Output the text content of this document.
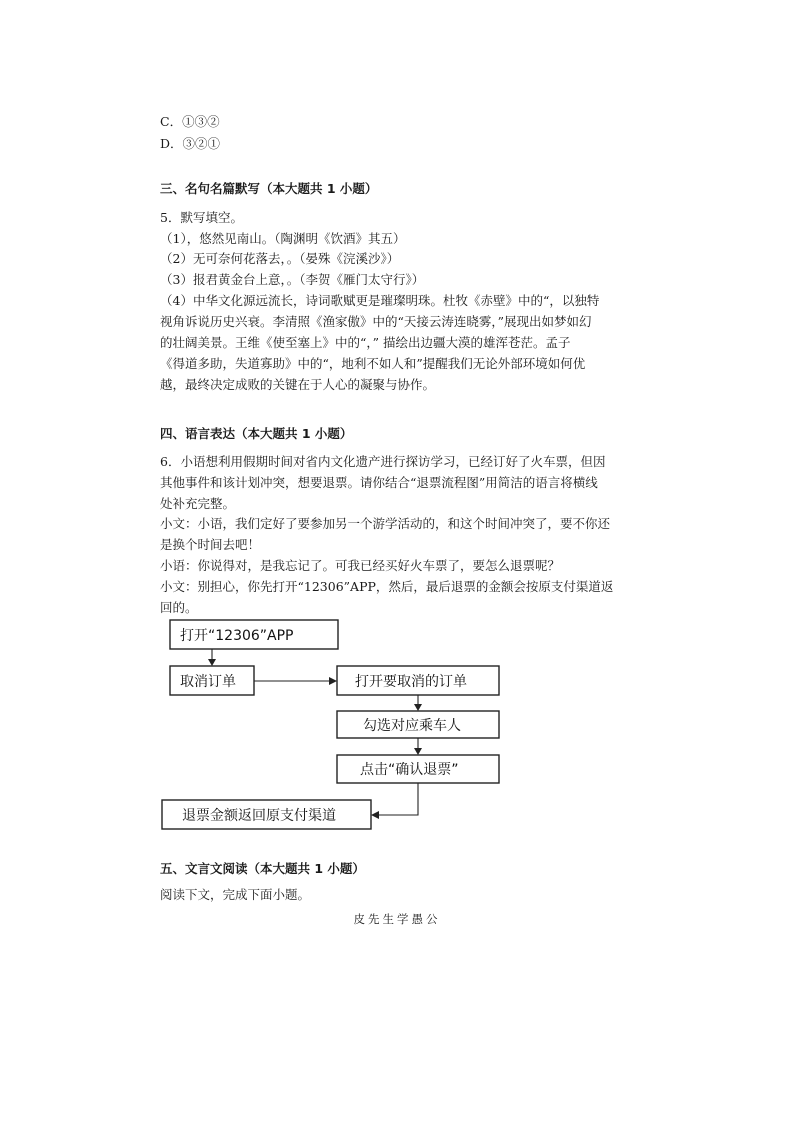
C．①③②
D．③②①
三、名句名篇默写（本大题共 1 小题）
5．默写填空。
（1），悠然见南山。（陶渊明《饮酒》其五）
（2）无可奈何花落去，。（晏殊《浣溪沙》）
（3）报君黄金台上意，。（李贺《雁门太守行》）
（4）中华文化源远流长，诗词歌赋更是璀璨明珠。杜牧《赤壁》中的“，以独特
视角诉说历史兴衰。李清照《渔家傲》中的“天接云涛连晓雾，”展现出如梦如幻
的壮阔美景。王维《使至塞上》中的“，” 描绘出边疆大漠的雄浑苍茫。孟子
《得道多助，失道寡助》中的“，地利不如人和”提醒我们无论外部环境如何优
越，最终决定成败的关键在于人心的凝聚与协作。
四、语言表达（本大题共 1 小题）
6．小语想利用假期时间对省内文化遗产进行探访学习，已经订好了火车票，但因
其他事件和该计划冲突，想要退票。请你结合“退票流程图”用简洁的语言将横线
处补充完整。
小文：小语，我们定好了要参加另一个游学活动的，和这个时间冲突了，要不你还
是换个时间去吧！
小语：你说得对，是我忘记了。可我已经买好火车票了，要怎么退票呢？
小文：别担心，你先打开“12306”APP，然后，最后退票的金额会按原支付渠道返
回的。
打开“12306”APP
取消订单	打开要取消的订单
勾选对应乘车人
点击“确认退票”
退票金额返回原支付渠道
五、文言文阅读（本大题共 1 小题）
阅读下文，完成下面小题。
皮先生学愚公
